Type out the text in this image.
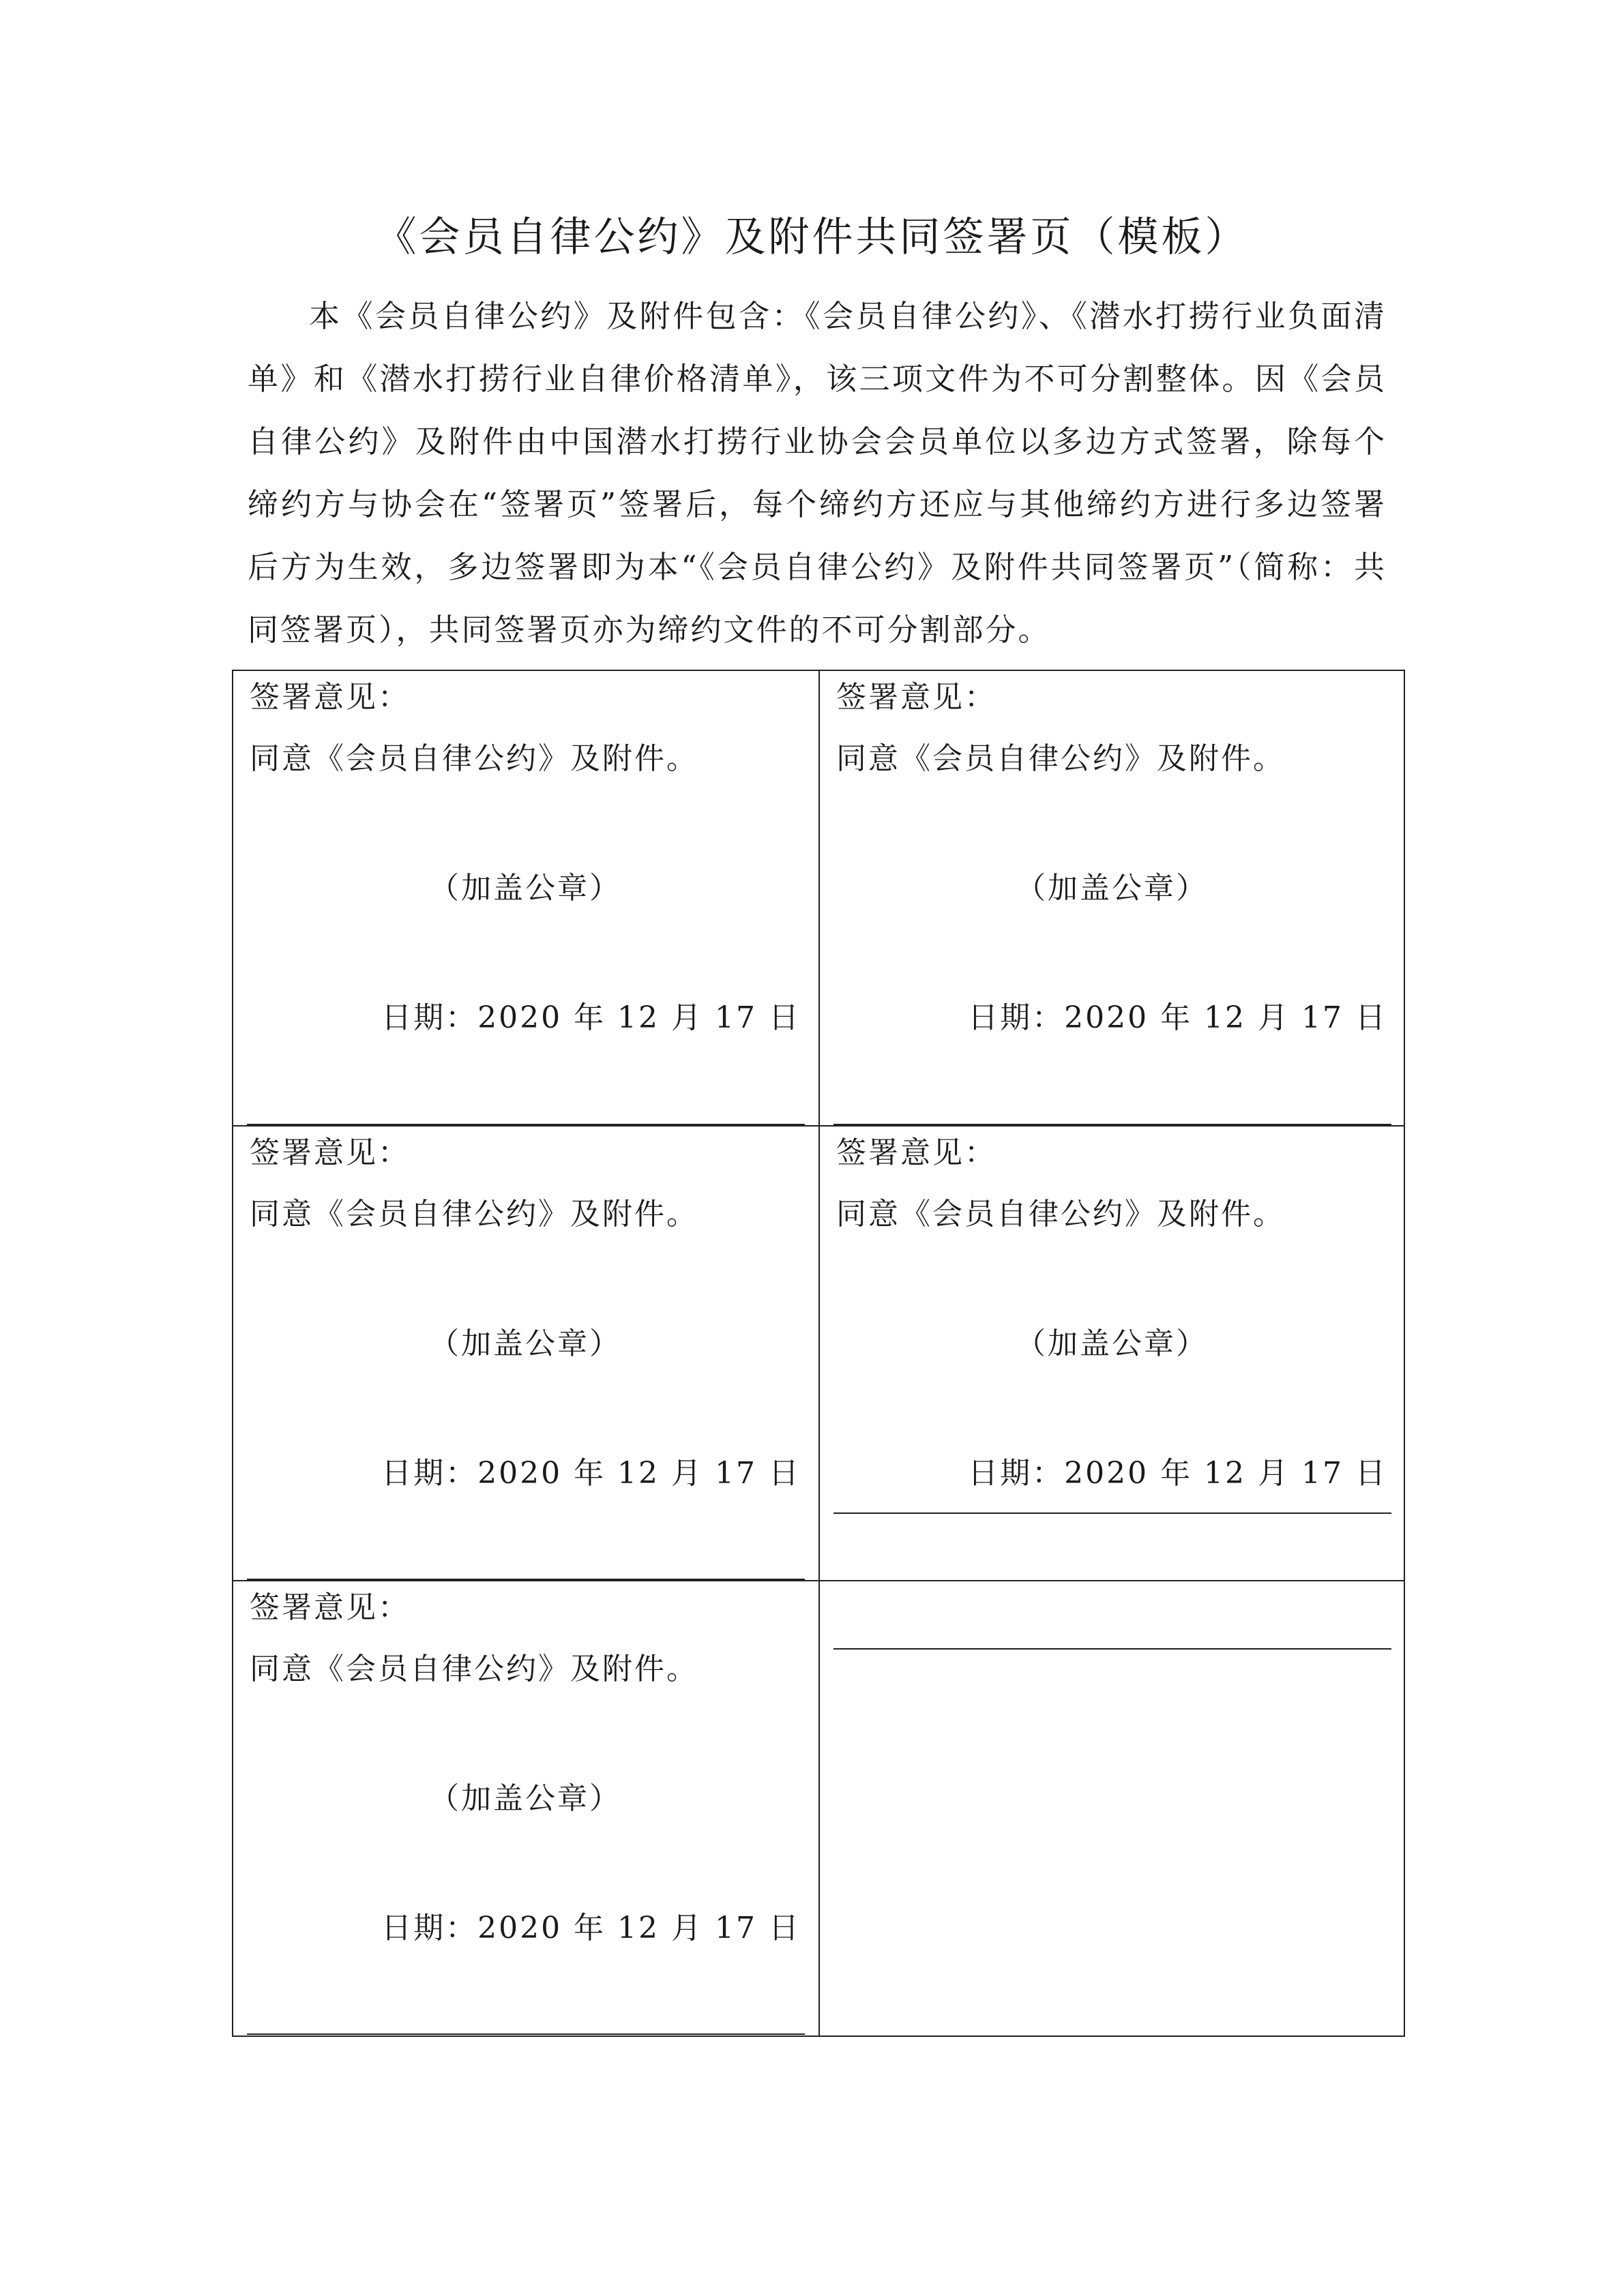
《会员自律公约》及附件共同签署页（模板）

本《会员自律公约》及附件包含：《会员自律公约》、《潜水打捞行业负面清单》和《潜水打捞行业自律价格清单》，该三项文件为不可分割整体。因《会员自律公约》及附件由中国潜水打捞行业协会会员单位以多边方式签署，除每个缔约方与协会在“签署页”签署后，每个缔约方还应与其他缔约方进行多边签署后方为生效，多边签署即为本“《会员自律公约》及附件共同签署页”（简称：共同签署页），共同签署页亦为缔约文件的不可分割部分。

签署意见：
同意《会员自律公约》及附件。
（加盖公章）
日期：2020 年 12 月 17 日
签署意见：
同意《会员自律公约》及附件。
（加盖公章）
日期：2020 年 12 月 17 日
签署意见：
同意《会员自律公约》及附件。
（加盖公章）
日期：2020 年 12 月 17 日
签署意见：
同意《会员自律公约》及附件。
（加盖公章）
日期：2020 年 12 月 17 日
签署意见：
同意《会员自律公约》及附件。
（加盖公章）
日期：2020 年 12 月 17 日
